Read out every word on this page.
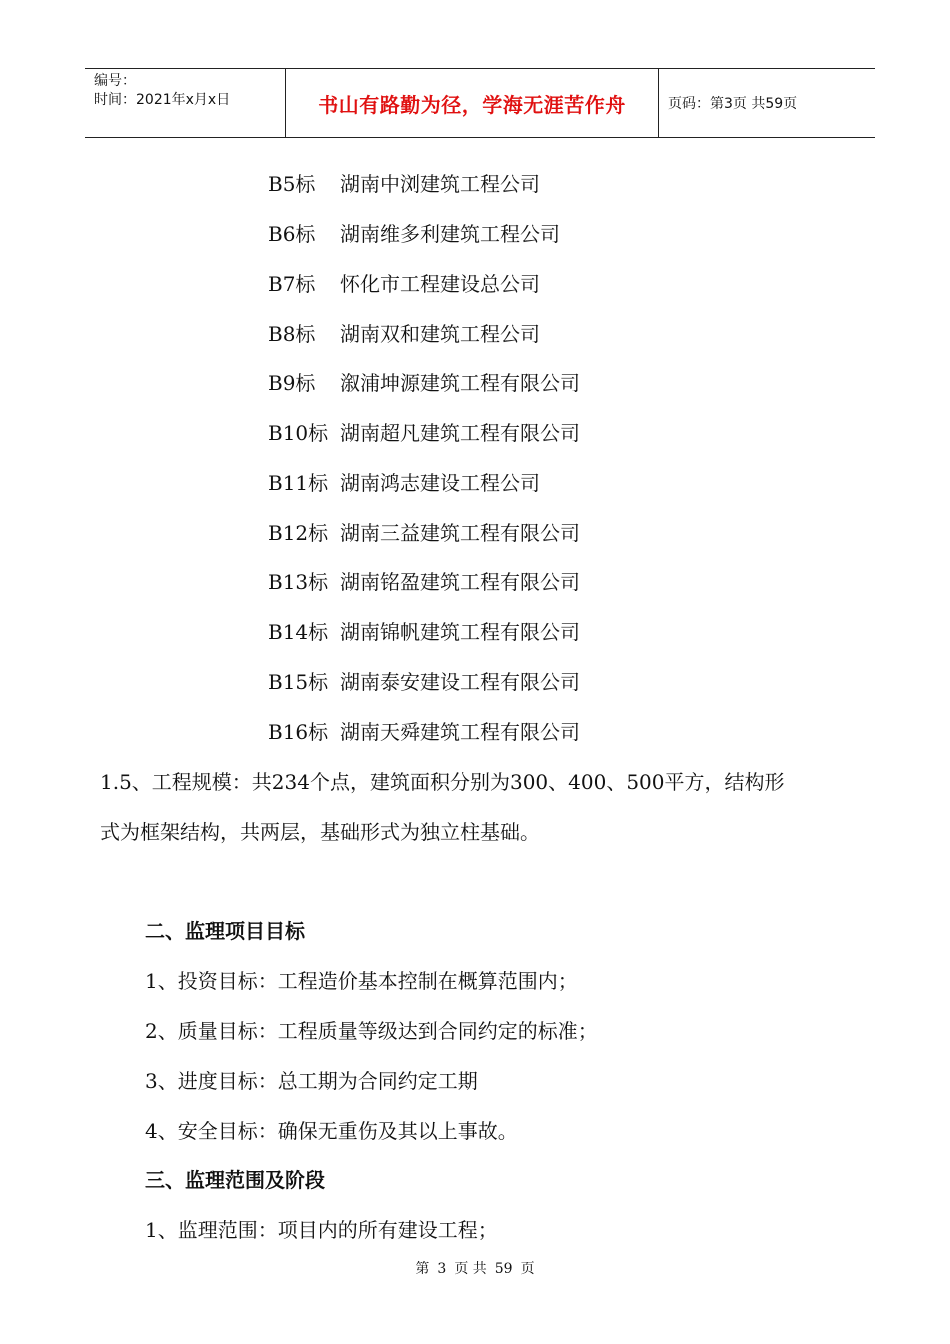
编号：
时间：2021年x月x日	书山有路勤为径，学海无涯苦作舟	页码：第3页 共59页
B5标 湖南中浏建筑工程公司
B6标 湖南维多利建筑工程公司
B7标 怀化市工程建设总公司
B8标 湖南双和建筑工程公司
B9标 溆浦坤源建筑工程有限公司
B10标 湖南超凡建筑工程有限公司
B11标 湖南鸿志建设工程公司
B12标 湖南三益建筑工程有限公司
B13标 湖南铭盈建筑工程有限公司
B14标 湖南锦帆建筑工程有限公司
B15标 湖南泰安建设工程有限公司
B16标 湖南天舜建筑工程有限公司
1.5、工程规模：共234个点，建筑面积分别为300、400、500平方，结构形
式为框架结构，共两层，基础形式为独立柱基础。
二、监理项目目标
1、投资目标：工程造价基本控制在概算范围内；
2、质量目标：工程质量等级达到合同约定的标准；
3、进度目标：总工期为合同约定工期
4、安全目标：确保无重伤及其以上事故。
三、监理范围及阶段
1、监理范围：项目内的所有建设工程；
第 3 页 共 59 页
